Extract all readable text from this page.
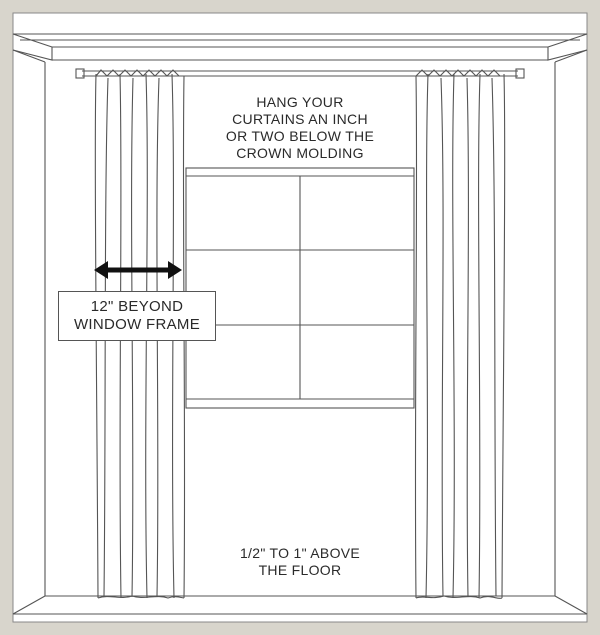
HANG YOUR
CURTAINS AN INCH
OR TWO BELOW THE
CROWN MOLDING
12" BEYOND
WINDOW FRAME
1/2" TO 1" ABOVE
THE FLOOR
